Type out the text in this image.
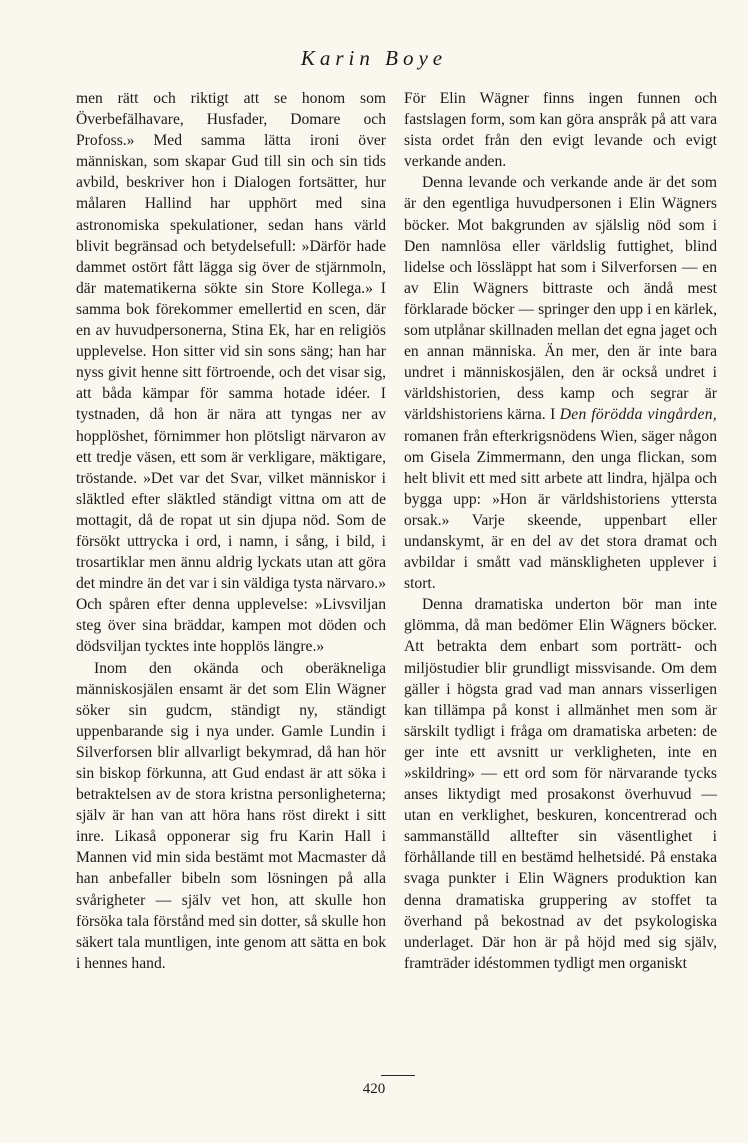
Karin Boye

men rätt och riktigt att se honom som Överbefälhavare, Husfader, Domare och Profoss.» Med samma lätta ironi över människan, som skapar Gud till sin och sin tids avbild, beskriver hon i Dialogen fortsätter, hur målaren Hallind har upphört med sina astronomiska spekulationer, sedan hans värld blivit begränsad och betydelsefull: »Därför hade dammet ostört fått lägga sig över de stjärnmoln, där matematikerna sökte sin Store Kollega.» I samma bok förekommer emellertid en scen, där en av huvudpersonerna, Stina Ek, har en religiös upplevelse. Hon sitter vid sin sons säng; han har nyss givit henne sitt förtroende, och det visar sig, att båda kämpar för samma hotade idéer. I tystnaden, då hon är nära att tyngas ner av hopplöshet, förnimmer hon plötsligt närvaron av ett tredje väsen, ett som är verkligare, mäktigare, tröstande. »Det var det Svar, vilket människor i släktled efter släktled ständigt vittna om att de mottagit, då de ropat ut sin djupa nöd. Som de försökt uttrycka i ord, i namn, i sång, i bild, i trosartiklar men ännu aldrig lyckats utan att göra det mindre än det var i sin väldiga tysta närvaro.» Och spåren efter denna upplevelse: »Livsviljan steg över sina bräddar, kampen mot döden och dödsviljan tycktes inte hopplös längre.»

Inom den okända och oberäkneliga människosjälen ensamt är det som Elin Wägner söker sin gudcm, ständigt ny, ständigt uppenbarande sig i nya under. Gamle Lundin i Silverforsen blir allvarligt bekymrad, då han hör sin biskop förkunna, att Gud endast är att söka i betraktelsen av de stora kristna personligheterna; själv är han van att höra hans röst direkt i sitt inre. Likaså opponerar sig fru Karin Hall i Mannen vid min sida bestämt mot Macmaster då han anbefaller bibeln som lösningen på alla svårigheter — själv vet hon, att skulle hon försöka tala förstånd med sin dotter, så skulle hon säkert tala muntligen, inte genom att sätta en bok i hennes hand.

För Elin Wägner finns ingen funnen och fastslagen form, som kan göra anspråk på att vara sista ordet från den evigt levande och evigt verkande anden.

Denna levande och verkande ande är det som är den egentliga huvudpersonen i Elin Wägners böcker. Mot bakgrunden av själslig nöd som i Den namnlösa eller världslig futtighet, blind lidelse och lössläppt hat som i Silverforsen — en av Elin Wägners bittraste och ändå mest förklarade böcker — springer den upp i en kärlek, som utplånar skillnaden mellan det egna jaget och en annan människa. Än mer, den är inte bara undret i människosjälen, den är också undret i världshistorien, dess kamp och segrar är världshistoriens kärna. I Den förödda vingården, romanen från efterkrigsnödens Wien, säger någon om Gisela Zimmermann, den unga flickan, som helt blivit ett med sitt arbete att lindra, hjälpa och bygga upp: »Hon är världshistoriens yttersta orsak.» Varje skeende, uppenbart eller undanskymt, är en del av det stora dramat och avbildar i smått vad mänskligheten upplever i stort.

Denna dramatiska underton bör man inte glömma, då man bedömer Elin Wägners böcker. Att betrakta dem enbart som porträtt- och miljöstudier blir grundligt missvisande. Om dem gäller i högsta grad vad man annars visserligen kan tillämpa på konst i allmänhet men som är särskilt tydligt i fråga om dramatiska arbeten: de ger inte ett avsnitt ur verkligheten, inte en »skildring» — ett ord som för närvarande tycks anses liktydigt med prosakonst överhuvud — utan en verklighet, beskuren, koncentrerad och sammanställd alltefter sin väsentlighet i förhållande till en bestämd helhetsidé. På enstaka svaga punkter i Elin Wägners produktion kan denna dramatiska gruppering av stoffet ta överhand på bekostnad av det psykologiska underlaget. Där hon är på höjd med sig själv, framträder idéstommen tydligt men organiskt

420
